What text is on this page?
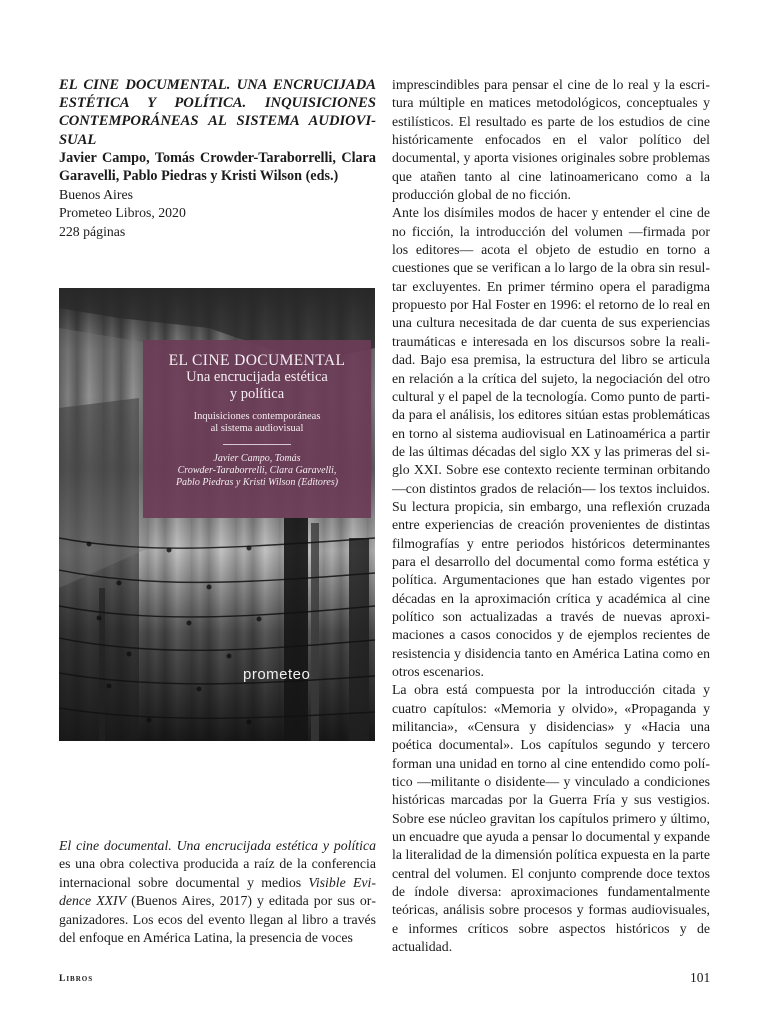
EL CINE DOCUMENTAL. UNA ENCRUCIJADA ESTÉTICA Y POLÍTICA. INQUISICIONES CONTEMPORÁNEAS AL SISTEMA AUDIOVISUAL

Javier Campo, Tomás Crowder-Taraborrelli, Clara Garavelli, Pablo Piedras y Kristi Wilson (eds.)

Buenos Aires

Prometeo Libros, 2020

228 páginas

EL CINE DOCUMENTAL
Una encrucijada estética
y política
Inquisiciones contemporáneas
al sistema audiovisual
Javier Campo, Tomás
Crowder-Taraborrelli, Clara Garavelli,
Pablo Piedras y Kristi Wilson (Editores)
prometeo

El cine documental. Una encrucijada estética y política es una obra colectiva producida a raíz de la conferencia internacional sobre documental y medios Visible Evidence XXIV (Buenos Aires, 2017) y editada por sus organizadores. Los ecos del evento llegan al libro a través del enfoque en América Latina, la presencia de voces

imprescindibles para pensar el cine de lo real y la escritura múltiple en matices metodológicos, conceptuales y estilísticos. El resultado es parte de los estudios de cine históricamente enfocados en el valor político del documental, y aporta visiones originales sobre problemas que atañen tanto al cine latinoamericano como a la producción global de no ficción.

Ante los disímiles modos de hacer y entender el cine de no ficción, la introducción del volumen —firmada por los editores— acota el objeto de estudio en torno a cuestiones que se verifican a lo largo de la obra sin resultar excluyentes. En primer término opera el paradigma propuesto por Hal Foster en 1996: el retorno de lo real en una cultura necesitada de dar cuenta de sus experiencias traumáticas e interesada en los discursos sobre la realidad. Bajo esa premisa, la estructura del libro se articula en relación a la crítica del sujeto, la negociación del otro cultural y el papel de la tecnología. Como punto de partida para el análisis, los editores sitúan estas problemáticas en torno al sistema audiovisual en Latinoamérica a partir de las últimas décadas del siglo XX y las primeras del siglo XXI. Sobre ese contexto reciente terminan orbitando —con distintos grados de relación— los textos incluidos. Su lectura propicia, sin embargo, una reflexión cruzada entre experiencias de creación provenientes de distintas filmografías y entre periodos históricos determinantes para el desarrollo del documental como forma estética y política. Argumentaciones que han estado vigentes por décadas en la aproximación crítica y académica al cine político son actualizadas a través de nuevas aproximaciones a casos conocidos y de ejemplos recientes de resistencia y disidencia tanto en América Latina como en otros escenarios.

La obra está compuesta por la introducción citada y cuatro capítulos: «Memoria y olvido», «Propaganda y militancia», «Censura y disidencias» y «Hacia una poética documental». Los capítulos segundo y tercero forman una unidad en torno al cine entendido como político —militante o disidente— y vinculado a condiciones históricas marcadas por la Guerra Fría y sus vestigios. Sobre ese núcleo gravitan los capítulos primero y último, un encuadre que ayuda a pensar lo documental y expande la literalidad de la dimensión política expuesta en la parte central del volumen. El conjunto comprende doce textos de índole diversa: aproximaciones fundamentalmente teóricas, análisis sobre procesos y formas audiovisuales, e informes críticos sobre aspectos históricos y de actualidad.

Libros	101
